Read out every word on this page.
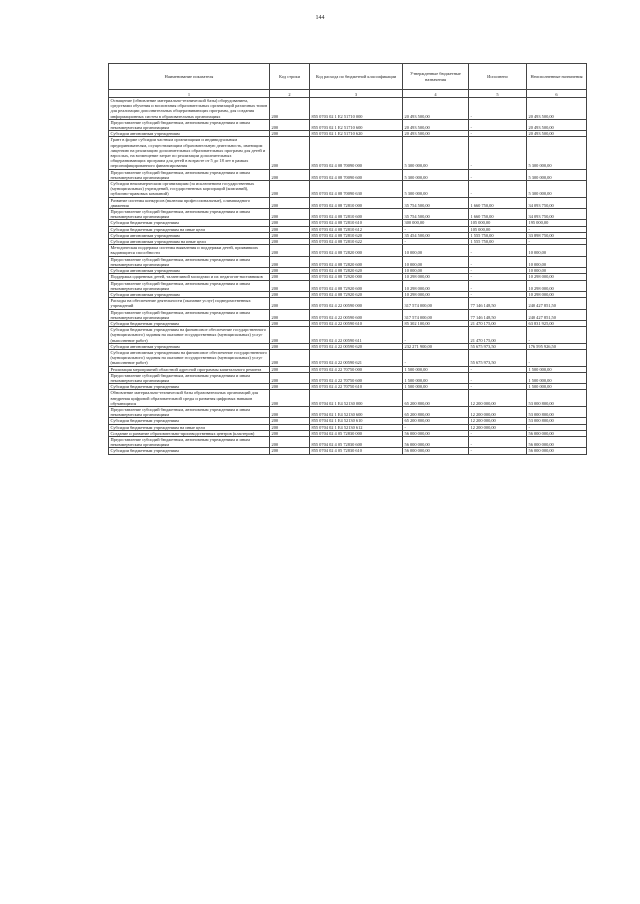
144
Наименование показателя	Код строки	Код расхода по бюджетной классификации	Утвержденные бюджетные назначения	Исполнено	Неисполненные назначения
1	2	3	4	5	6
Оснащение (обновление материально-технической базы) оборудованием, средствами обучения и воспитания образовательных организаций различных типов для реализации дополнительных общеразвивающих программ, для создания информационных систем в образовательных организациях	200	855 0703 02 1 E2 51710 000	20 493 500,00	-	20 493 500,00
Предоставление субсидий бюджетным, автономным учреждениям и иным некоммерческим организациям	200	855 0703 02 1 E2 51710 600	20 493 500,00	-	20 493 500,00
Субсидии автономным учреждениям	200	855 0703 02 1 E2 51710 620	20 493 500,00	-	20 493 500,00
Грант в форме субсидии частным организациям и индивидуальным предпринимателям, осуществляющим образовательную деятельность, имеющим лицензию на реализацию дополнительных образовательных программ для детей и взрослых, на возмещение затрат по реализации дополнительных общеразвивающих программ для детей в возрасте от 5 до 18 лет в рамках персонифицированного финансирования	200	855 0703 02 4 08 70090 000	5 300 000,00	-	5 300 000,00
Предоставление субсидий бюджетным, автономным учреждениям и иным некоммерческим организациям	200	855 0703 02 4 08 70090 600	5 300 000,00	-	5 300 000,00
Субсидии некоммерческим организациям (за исключением государственных (муниципальных) учреждений, государственных корпораций (компаний), публично-правовых компаний)	200	855 0703 02 4 08 70090 630	5 300 000,00	-	5 300 000,00
Развитие системы конкурсов (включая профессиональные), олимпиадного движения	200	855 0703 02 4 08 72810 000	35 754 500,00	1 660 750,00	34 093 750,00
Предоставление субсидий бюджетным, автономным учреждениям и иным некоммерческим организациям	200	855 0703 02 4 08 72810 600	35 754 500,00	1 660 750,00	34 093 750,00
Субсидии бюджетным учреждениям	200	855 0703 02 4 08 72810 610	300 000,00	105 000,00	195 000,00
Субсидии бюджетным учреждениям на иные цели	200	855 0703 02 4 08 72810 612	-	105 000,00	-
Субсидии автономным учреждениям	200	855 0703 02 4 08 72810 620	35 454 500,00	1 555 750,00	33 898 750,00
Субсидии автономным учреждениям на иные цели	200	855 0703 02 4 08 72810 622	-	1 555 750,00	-
Методическая поддержка системы выявления и поддержки детей, проявивших выдающиеся способности	200	855 0703 02 4 08 72820 000	10 000,00	-	10 000,00
Предоставление субсидий бюджетным, автономным учреждениям и иным некоммерческим организациям	200	855 0703 02 4 08 72820 600	10 000,00	-	10 000,00
Субсидии автономным учреждениям	200	855 0703 02 4 08 72820 620	10 000,00	-	10 000,00
Поддержка одаренных детей, талантливой молодежи и их педагогов-наставников	200	855 0703 02 4 08 72920 000	10 298 000,00	-	10 298 000,00
Предоставление субсидий бюджетным, автономным учреждениям и иным некоммерческим организациям	200	855 0703 02 4 08 72920 600	10 298 000,00	-	10 298 000,00
Субсидии автономным учреждениям	200	855 0703 02 4 08 72920 620	10 298 000,00	-	10 298 000,00
Расходы на обеспечение деятельности (оказание услуг) подведомственных учреждений	200	855 0703 02 4 22 00590 000	317 574 000,00	77 146 148,50	240 427 851,50
Предоставление субсидий бюджетным, автономным учреждениям и иным некоммерческим организациям	200	855 0703 02 4 22 00590 600	317 574 000,00	77 146 148,50	240 427 851,50
Субсидии бюджетным учреждениям	200	855 0703 02 4 22 00590 610	85 302 100,00	21 470 175,00	63 831 925,00
Субсидии бюджетным учреждениям на финансовое обеспечение государственного (муниципального) задания на оказание государственных (муниципальных) услуг (выполнение работ)	200	855 0703 02 4 22 00590 611	-	21 470 175,00	-
Субсидии автономным учреждениям	200	855 0703 02 4 22 00590 620	232 271 900,00	55 675 973,50	176 595 926,50
Субсидии автономным учреждениям на финансовое обеспечение государственного (муниципального) задания на оказание государственных (муниципальных) услуг (выполнение работ)	200	855 0703 02 4 22 00590 621	-	55 675 973,50	-
Реализация мероприятий областной адресной программы капитального ремонта	200	855 0703 02 4 22 70750 000	1 500 000,00	-	1 500 000,00
Предоставление субсидий бюджетным, автономным учреждениям и иным некоммерческим организациям	200	855 0703 02 4 22 70750 600	1 500 000,00	-	1 500 000,00
Субсидии бюджетным учреждениям	200	855 0703 02 4 22 70750 610	1 500 000,00	-	1 500 000,00
Обновление материально-технической базы образовательных организаций для внедрения цифровой образовательной среды и развития цифровых навыков обучающихся	200	855 0704 02 1 E4 52130 000	65 200 800,00	12 200 000,00	53 000 800,00
Предоставление субсидий бюджетным, автономным учреждениям и иным некоммерческим организациям	200	855 0704 02 1 E4 52130 600	65 200 800,00	12 200 000,00	53 000 800,00
Субсидии бюджетным учреждениям	200	855 0704 02 1 E4 52130 610	65 200 800,00	12 200 000,00	53 000 800,00
Субсидии бюджетным учреждениям на иные цели	200	855 0704 02 1 E4 52130 612	-	12 200 000,00	-
Создание и развитие образовательно-производственных центров (кластеров)	200	855 0704 02 4 05 72830 000	56 000 000,00	-	56 000 000,00
Предоставление субсидий бюджетным, автономным учреждениям и иным некоммерческим организациям	200	855 0704 02 4 05 72830 600	56 000 000,00	-	56 000 000,00
Субсидии бюджетным учреждениям	200	855 0704 02 4 05 72830 610	56 000 000,00	-	56 000 000,00
